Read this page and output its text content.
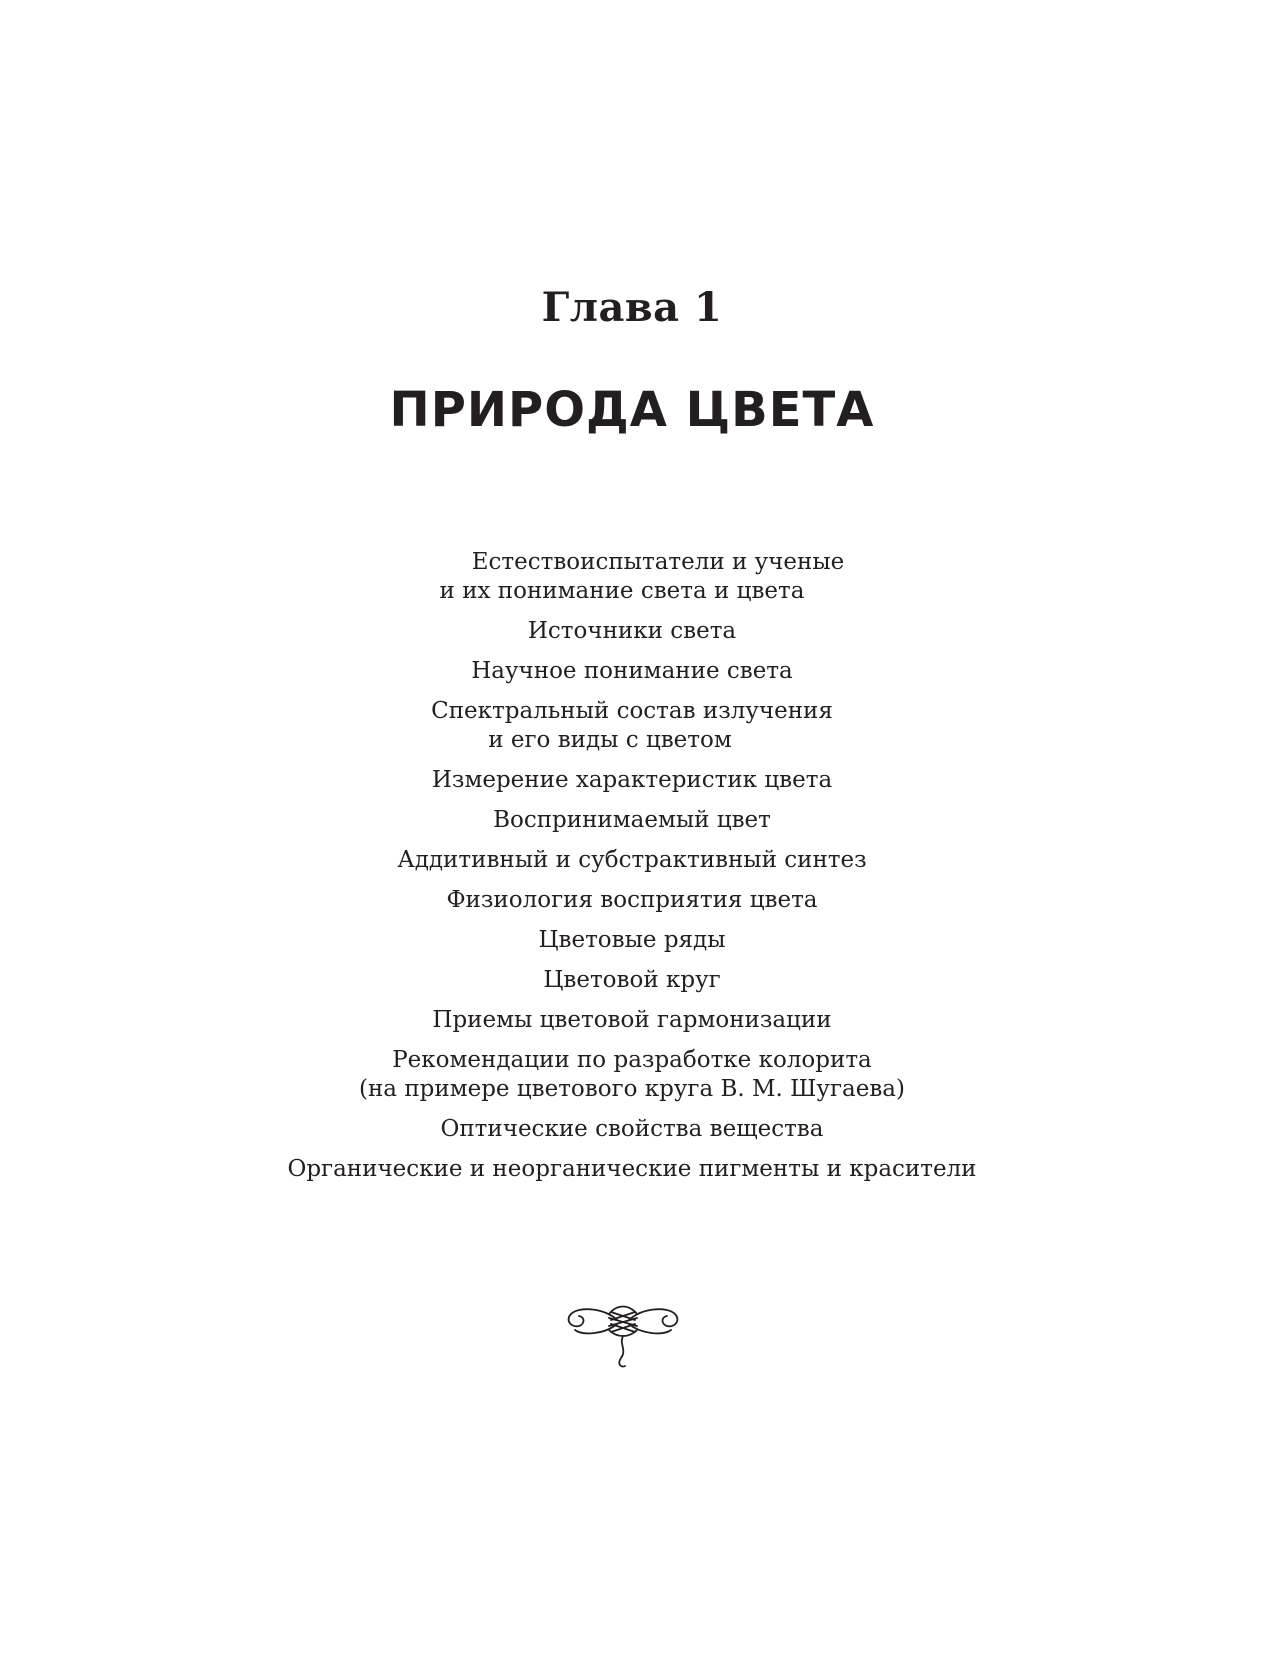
Глава 1
ПРИРОДА ЦВЕТА
Естествоиспытатели и ученые
и их понимание света и цвета
Источники света
Научное понимание света
Спектральный состав излучения
и его виды с цветом
Измерение характеристик цвета
Воспринимаемый цвет
Аддитивный и субстрактивный синтез
Физиология восприятия цвета
Цветовые ряды
Цветовой круг
Приемы цветовой гармонизации
Рекомендации по разработке колорита
(на примере цветового круга В. М. Шугаева)
Оптические свойства вещества
Органические и неорганические пигменты и красители
